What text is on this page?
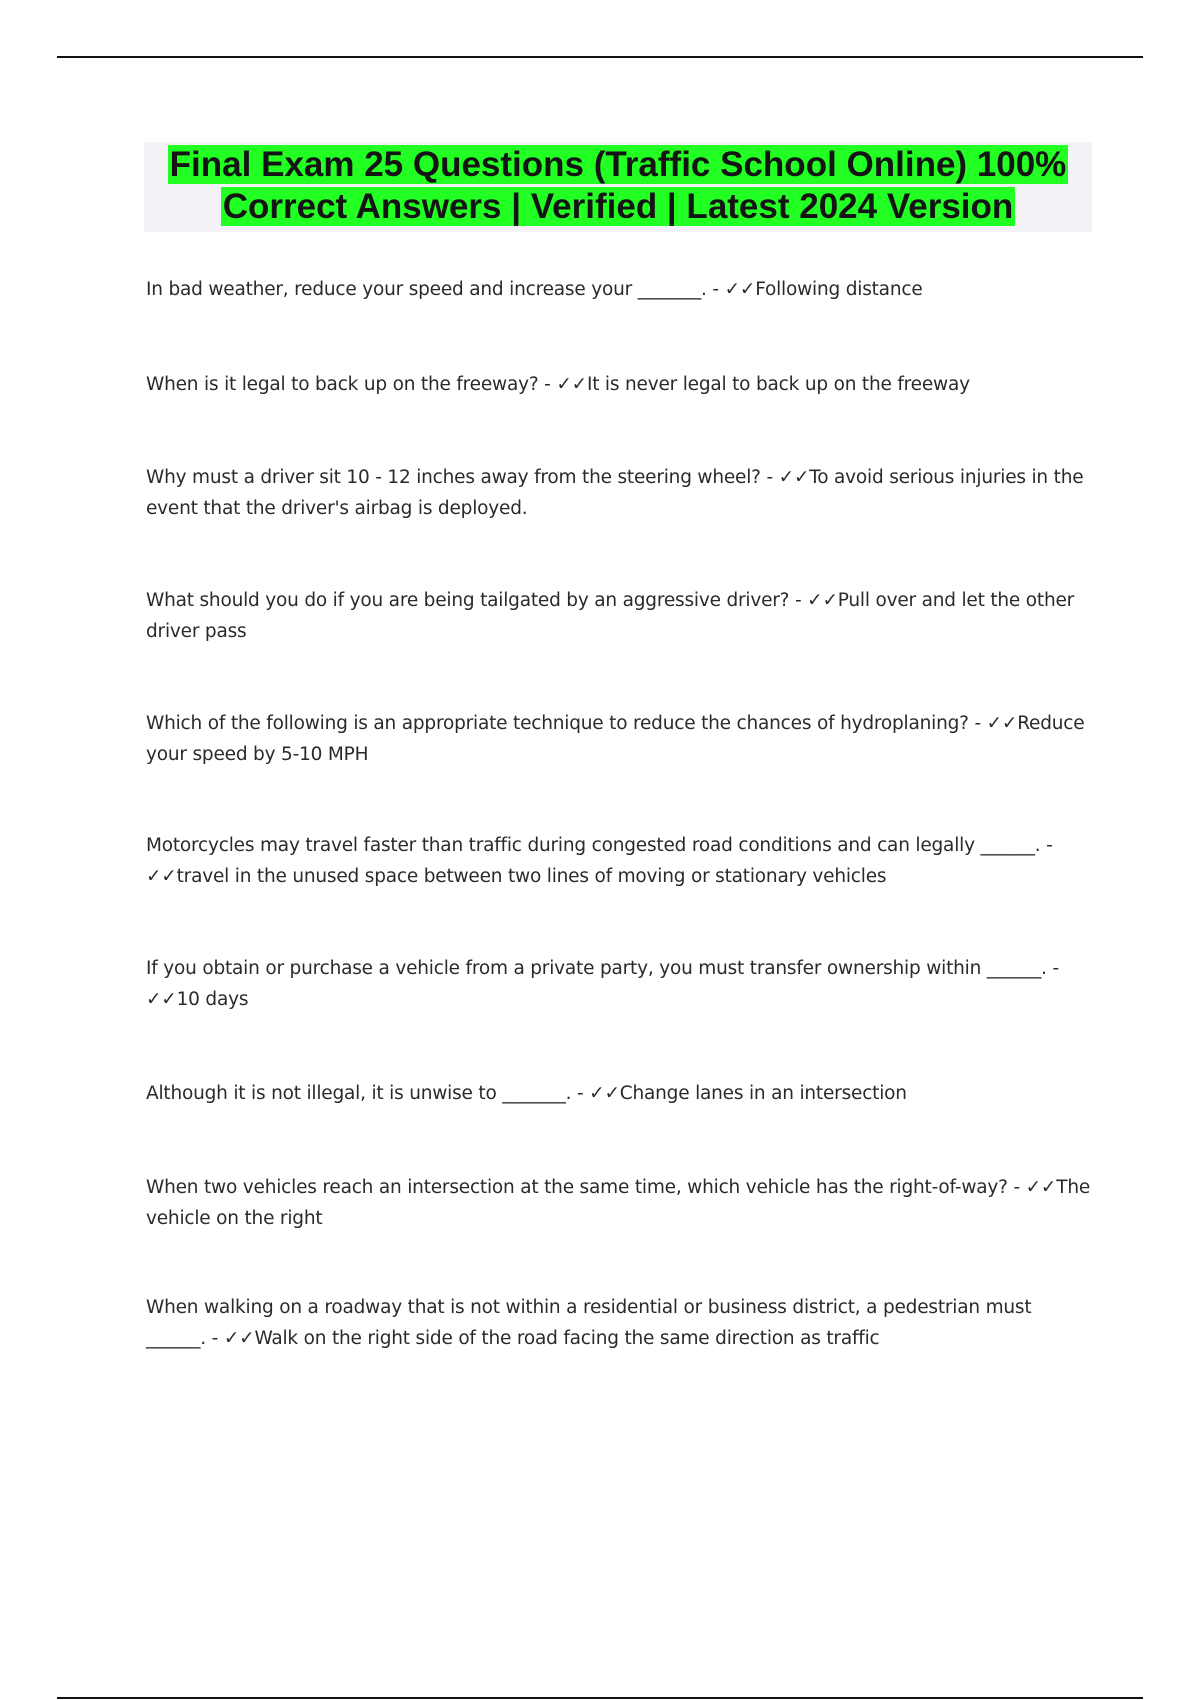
Final Exam 25 Questions (Traffic School Online) 100%
Correct Answers | Verified | Latest 2024 Version
In bad weather, reduce your speed and increase your _______. - ✓✓Following distance
When is it legal to back up on the freeway? - ✓✓It is never legal to back up on the freeway
Why must a driver sit 10 - 12 inches away from the steering wheel? - ✓✓To avoid serious injuries in the event that the driver's airbag is deployed.
What should you do if you are being tailgated by an aggressive driver? - ✓✓Pull over and let the other driver pass
Which of the following is an appropriate technique to reduce the chances of hydroplaning? - ✓✓Reduce your speed by 5-10 MPH
Motorcycles may travel faster than traffic during congested road conditions and can legally ______. - ✓✓travel in the unused space between two lines of moving or stationary vehicles
If you obtain or purchase a vehicle from a private party, you must transfer ownership within ______. - ✓✓10 days
Although it is not illegal, it is unwise to _______. - ✓✓Change lanes in an intersection
When two vehicles reach an intersection at the same time, which vehicle has the right-of-way? - ✓✓The vehicle on the right
When walking on a roadway that is not within a residential or business district, a pedestrian must ______. - ✓✓Walk on the right side of the road facing the same direction as traffic
